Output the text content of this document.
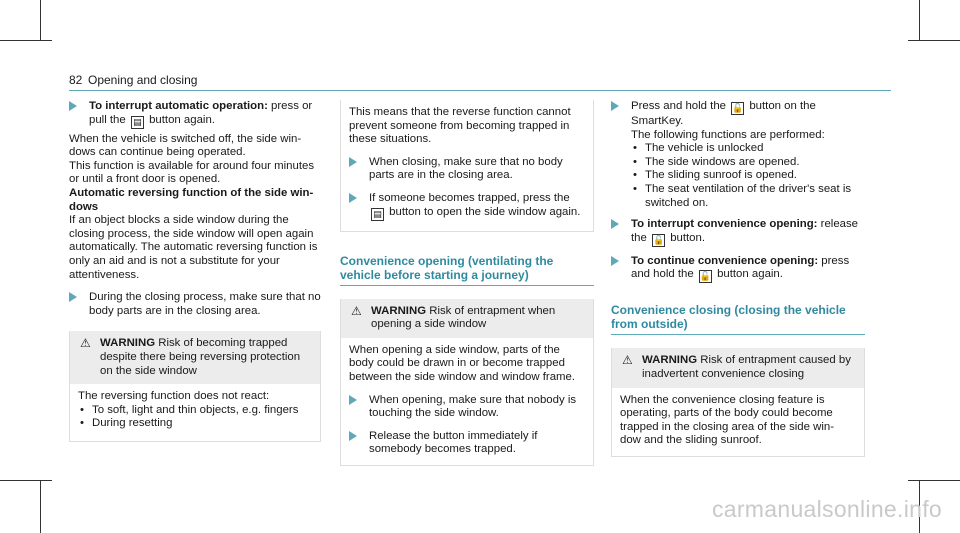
82 Opening and closing
To interrupt automatic operation: press or pull the ▤ button again.

When the vehicle is switched off, the side win- dows can continue being operated.

This function is available for around four minutes or until a front door is opened.

Automatic reversing function of the side win- dows

If an object blocks a side window during the closing process, the side window will open again automatically. The automatic reversing function is only an aid and is not a substitute for your attentiveness.

During the closing process, make sure that no body parts are in the closing area.
⚠ WARNING Risk of becoming trapped despite there being reversing protection on the side window

The reversing function does not react:

• To soft, light and thin objects, e.g. fingers
• During resetting

This means that the reverse function cannot prevent someone from becoming trapped in these situations.

When closing, make sure that no body parts are in the closing area.
If someone becomes trapped, press the ▤ button to open the side window again.
Convenience opening (ventilating the vehicle before starting a journey)
⚠ WARNING Risk of entrapment when opening a side window

When opening a side window, parts of the body could be drawn in or become trapped between the side window and window frame.

When opening, make sure that nobody is touching the side window.
Release the button immediately if somebody becomes trapped.
Press and hold the 🔓 button on the SmartKey.

The following functions are performed:

• The vehicle is unlocked
• The side windows are opened.
• The sliding sunroof is opened.
• The seat ventilation of the driver's seat is switched on.
To interrupt convenience opening: release the 🔓 button.
To continue convenience opening: press and hold the 🔓 button again.
Convenience closing (closing the vehicle from outside)
⚠ WARNING Risk of entrapment caused by inadvertent convenience closing

When the convenience closing feature is operating, parts of the body could become trapped in the closing area of the side win- dow and the sliding sunroof.

carmanualsonline.info
